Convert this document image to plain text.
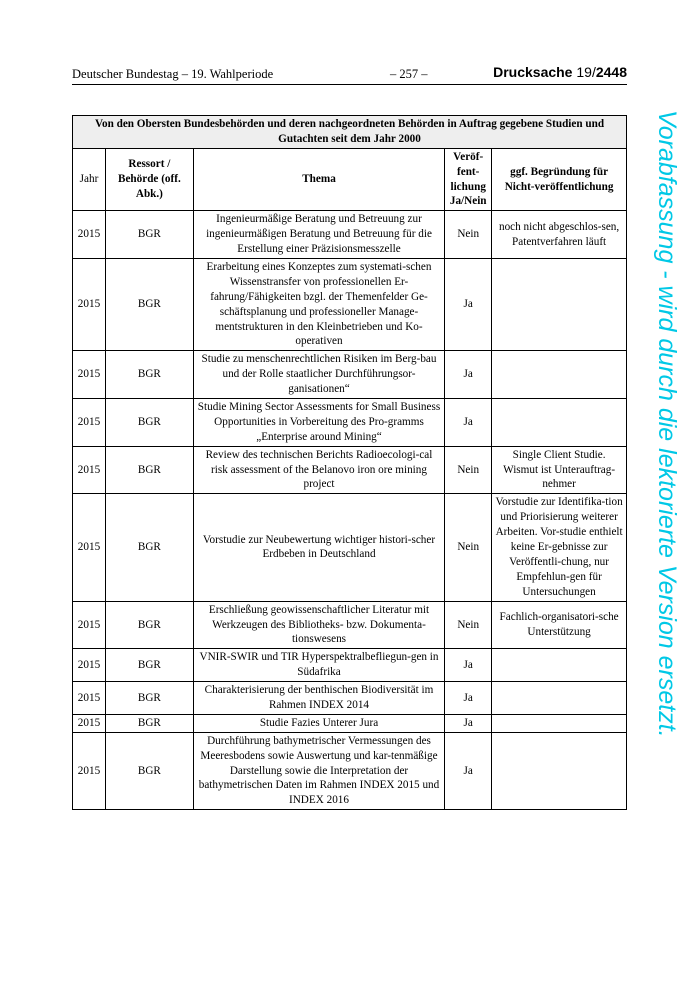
Deutscher Bundestag – 19. Wahlperiode	– 257 –	Drucksache 19/2448
Von den Obersten Bundesbehörden und deren nachgeordneten Behörden in Auftrag gegebene Studien und Gutachten seit dem Jahr 2000				
Jahr	Ressort / Behörde (off. Abk.)	Thema	Veröf-fent-lichung Ja/Nein	ggf. Begründung für Nicht-veröffentlichung
2015	BGR	Ingenieurmäßige Beratung und Betreuung zur ingenieurmäßigen Beratung und Betreuung für die Erstellung einer Präzisionsmesszelle	Nein	noch nicht abgeschlos-sen, Patentverfahren läuft
2015	BGR	Erarbeitung eines Konzeptes zum systemati-schen Wissenstransfer von professionellen Er-fahrung/Fähigkeiten bzgl. der Themenfelder Ge-schäftsplanung und professioneller Manage-mentstrukturen in den Kleinbetrieben und Ko-operativen	Ja	
2015	BGR	Studie zu menschenrechtlichen Risiken im Berg-bau und der Rolle staatlicher Durchführungsor-ganisationen“	Ja	
2015	BGR	Studie Mining Sector Assessments for Small Business Opportunities in Vorbereitung des Pro-gramms „Enterprise around Mining“	Ja	
2015	BGR	Review des technischen Berichts Radioecologi-cal risk assessment of the Belanovo iron ore mining project	Nein	Single Client Studie. Wismut ist Unterauftrag-nehmer
2015	BGR	Vorstudie zur Neubewertung wichtiger histori-scher Erdbeben in Deutschland	Nein	Vorstudie zur Identifika-tion und Priorisierung weiterer Arbeiten. Vor-studie enthielt keine Er-gebnisse zur Veröffentli-chung, nur Empfehlun-gen für Untersuchungen
2015	BGR	Erschließung geowissenschaftlicher Literatur mit Werkzeugen des Bibliotheks- bzw. Dokumenta-tionswesens	Nein	Fachlich-organisatori-sche Unterstützung
2015	BGR	VNIR-SWIR und TIR Hyperspektralbefliegun-gen in Südafrika	Ja	
2015	BGR	Charakterisierung der benthischen Biodiversität im Rahmen INDEX 2014	Ja	
2015	BGR	Studie Fazies Unterer Jura	Ja	
2015	BGR	Durchführung bathymetrischer Vermessungen des Meeresbodens sowie Auswertung und kar-tenmäßige Darstellung sowie die Interpretation der bathymetrischen Daten im Rahmen INDEX 2015 und INDEX 2016	Ja	
Vorabfassung - wird durch die lektorierte Version ersetzt.
